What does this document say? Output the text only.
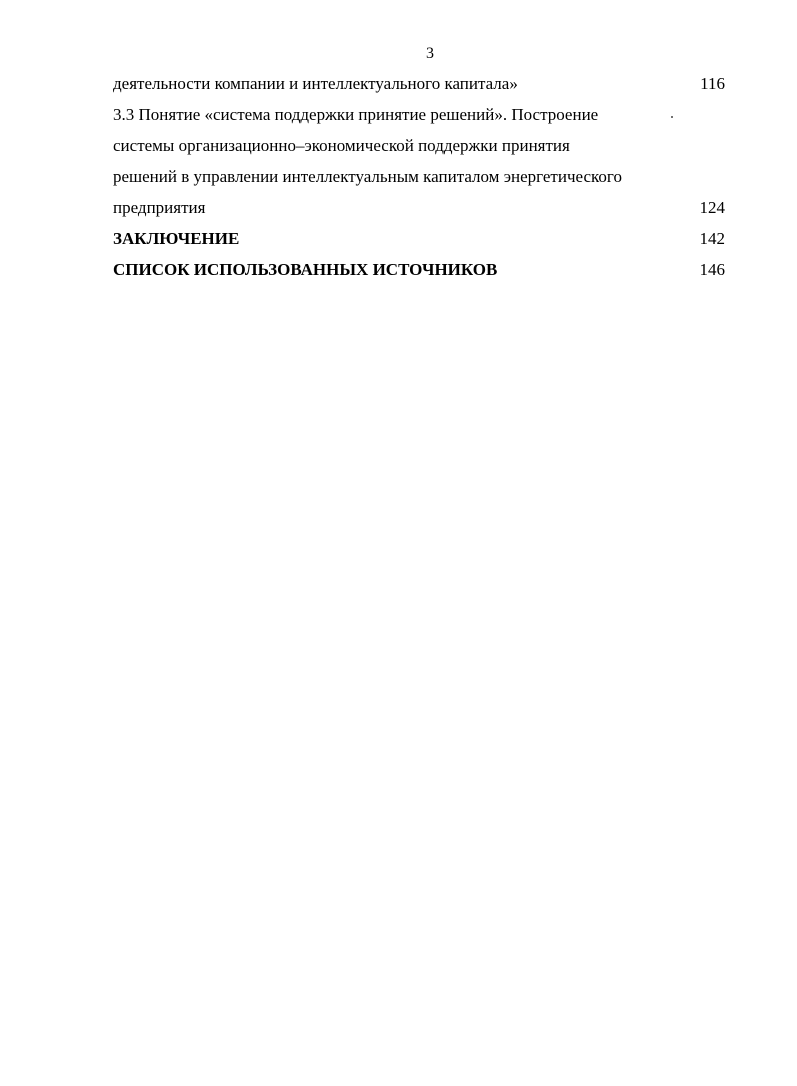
3
деятельности компании и интеллектуального капитала»	116
3.3 Понятие «система поддержки принятие решений». Построение
системы организационно–экономической поддержки принятия
решений в управлении интеллектуальным капиталом энергетического
предприятия	124
ЗАКЛЮЧЕНИЕ	142
СПИСОК ИСПОЛЬЗОВАННЫХ ИСТОЧНИКОВ	146
